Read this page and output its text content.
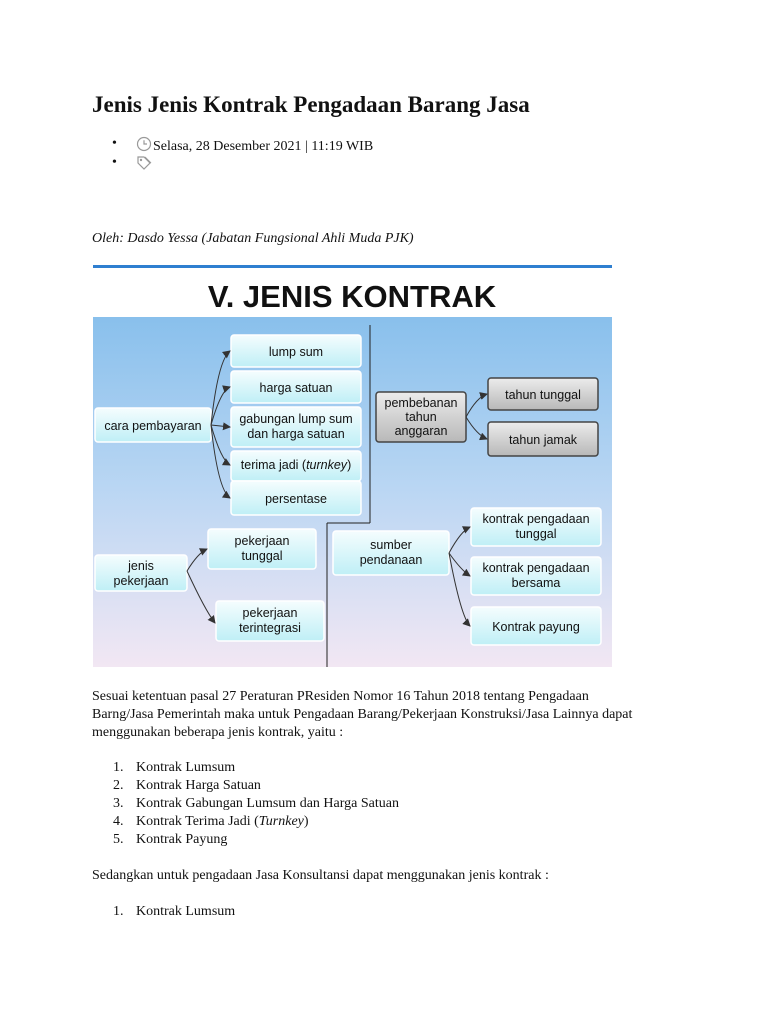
Jenis Jenis Kontrak Pengadaan Barang Jasa
• Selasa, 28 Desember 2021 | 11:19 WIB
•

Oleh: Dasdo Yessa (Jabatan Fungsional Ahli Muda PJK)

V. JENIS KONTRAK
cara pembayaran
lump sum
harga satuan
gabungan lump sum
dan harga satuan
terima jadi (turnkey)
persentase
pembebanan
tahun
anggaran
tahun tunggal
tahun jamak
jenis
pekerjaan
pekerjaan
tunggal
pekerjaan
terintegrasi
sumber
pendanaan
kontrak pengadaan
tunggal
kontrak pengadaan
bersama
Kontrak payung

Sesuai ketentuan pasal 27 Peraturan PResiden Nomor 16 Tahun 2018 tentang Pengadaan
Barng/Jasa Pemerintah maka untuk Pengadaan Barang/Pekerjaan Konstruksi/Jasa Lainnya dapat
menggunakan beberapa jenis kontrak, yaitu :

1. Kontrak Lumsum
2. Kontrak Harga Satuan
3. Kontrak Gabungan Lumsum dan Harga Satuan
4. Kontrak Terima Jadi (Turnkey)
5. Kontrak Payung

Sedangkan untuk pengadaan Jasa Konsultansi dapat menggunakan jenis kontrak :

1. Kontrak Lumsum
